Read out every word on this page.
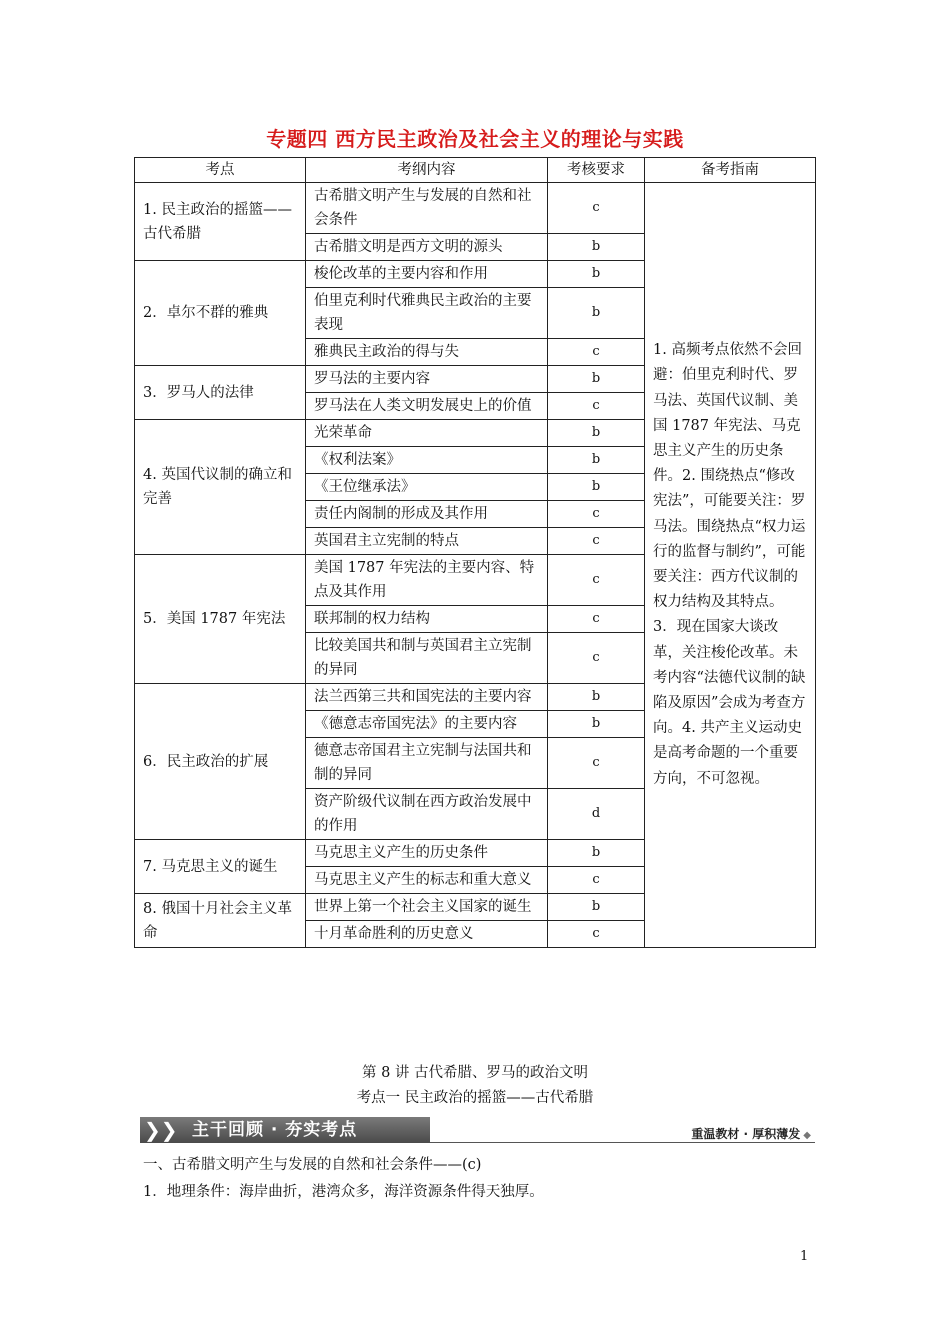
专题四 西方民主政治及社会主义的理论与实践
考点	考纲内容	考核要求	备考指南
1. 民主政治的摇篮——古代希腊	古希腊文明产生与发展的自然和社会条件	c	1. 高频考点依然不会回避：伯里克利时代、罗马法、英国代议制、美国 1787 年宪法、马克思主义产生的历史条件。2. 围绕热点“修改宪法”，可能要关注：罗马法。围绕热点“权力运行的监督与制约”，可能要关注：西方代议制的权力结构及其特点。3．现在国家大谈改革，关注梭伦改革。未考内容“法德代议制的缺陷及原因”会成为考查方向。4. 共产主义运动史是高考命题的一个重要方向，不可忽视。
	古希腊文明是西方文明的源头	b	
2．卓尔不群的雅典	梭伦改革的主要内容和作用	b	
	伯里克利时代雅典民主政治的主要表现	b	
	雅典民主政治的得与失	c	
3．罗马人的法律	罗马法的主要内容	b	
	罗马法在人类文明发展史上的价值	c	
4. 英国代议制的确立和完善	光荣革命	b	
	《权利法案》	b	
	《王位继承法》	b	
	责任内阁制的形成及其作用	c	
	英国君主立宪制的特点	c	
5．美国 1787 年宪法	美国 1787 年宪法的主要内容、特点及其作用	c	
	联邦制的权力结构	c	
	比较美国共和制与英国君主立宪制的异同	c	
6．民主政治的扩展	法兰西第三共和国宪法的主要内容	b	
	《德意志帝国宪法》的主要内容	b	
	德意志帝国君主立宪制与法国共和制的异同	c	
	资产阶级代议制在西方政治发展中的作用	d	
7. 马克思主义的诞生	马克思主义产生的历史条件	b	
	马克思主义产生的标志和重大意义	c	
8. 俄国十月社会主义革命	世界上第一个社会主义国家的诞生	b	
	十月革命胜利的历史意义	c	
第 8 讲 古代希腊、罗马的政治文明
考点一 民主政治的摇篮——古代希腊
❯❯ 主干回顾 · 夯实考点	重温教材 · 厚积薄发 ◆
一、古希腊文明产生与发展的自然和社会条件——(c)
1．地理条件：海岸曲折，港湾众多，海洋资源条件得天独厚。
1
